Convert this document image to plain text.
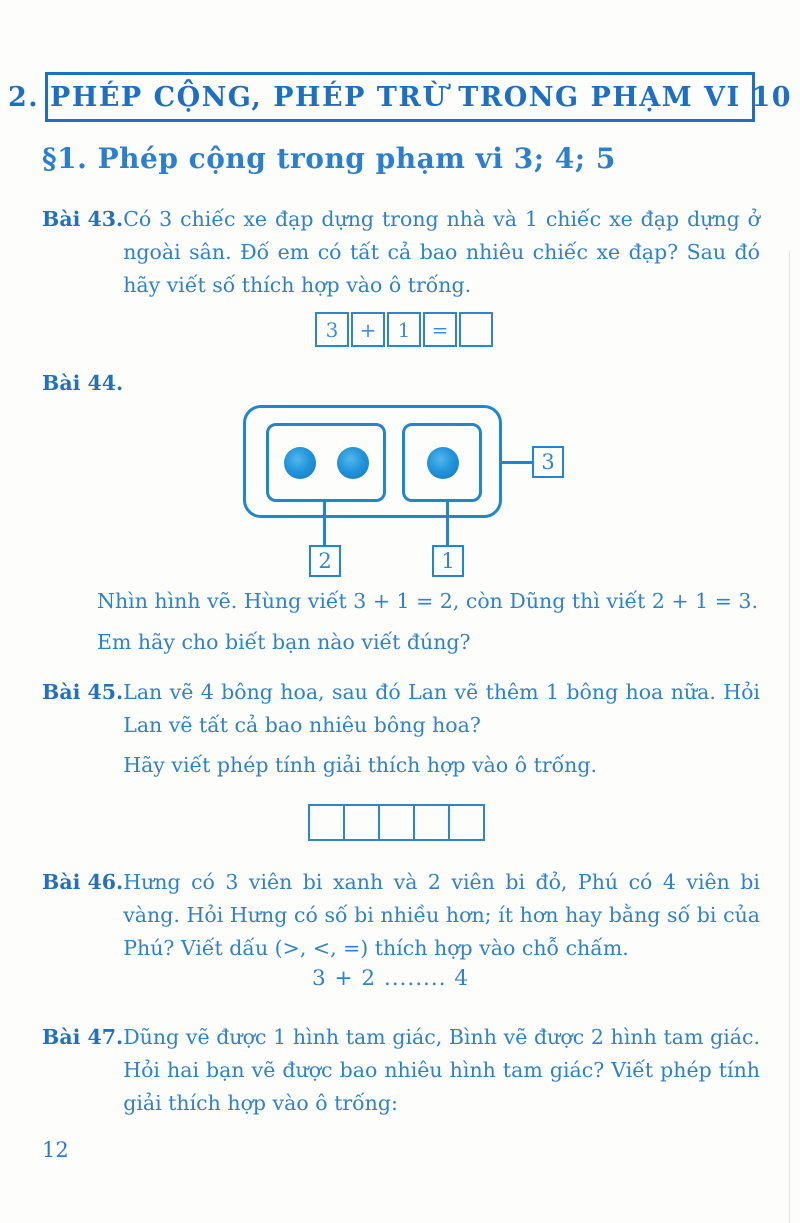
2. PHÉP CỘNG, PHÉP TRỪ TRONG PHẠM VI 10
§1. Phép cộng trong phạm vi 3; 4; 5
Bài 43. Có 3 chiếc xe đạp dựng trong nhà và 1 chiếc xe đạp dựng ở ngoài sân. Đố em có tất cả bao nhiêu chiếc xe đạp? Sau đó hãy viết số thích hợp vào ô trống.
3	+	1	=
Bài 44.
3
2	1
Nhìn hình vẽ. Hùng viết 3 + 1 = 2, còn Dũng thì viết 2 + 1 = 3.
Em hãy cho biết bạn nào viết đúng?
Bài 45. Lan vẽ 4 bông hoa, sau đó Lan vẽ thêm 1 bông hoa nữa. Hỏi Lan vẽ tất cả bao nhiêu bông hoa?

Hãy viết phép tính giải thích hợp vào ô trống.

Bài 46. Hưng có 3 viên bi xanh và 2 viên bi đỏ, Phú có 4 viên bi vàng. Hỏi Hưng có số bi nhiều hơn; ít hơn hay bằng số bi của Phú? Viết dấu (>, <, =) thích hợp vào chỗ chấm.
3 + 2 ........ 4
Bài 47. Dũng vẽ được 1 hình tam giác, Bình vẽ được 2 hình tam giác. Hỏi hai bạn vẽ được bao nhiêu hình tam giác? Viết phép tính giải thích hợp vào ô trống:
12
